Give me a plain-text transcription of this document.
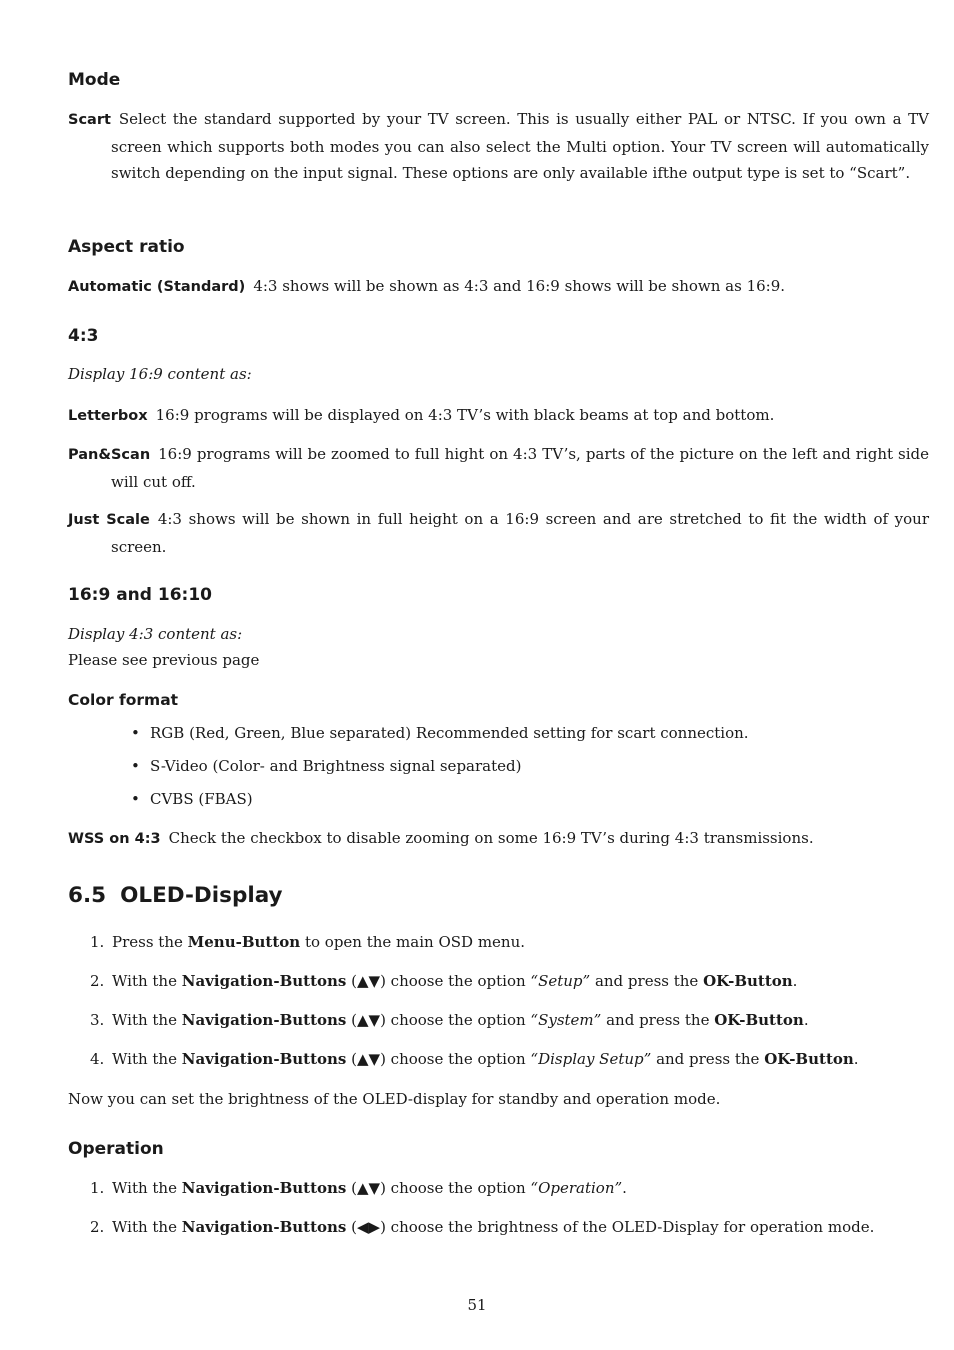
Mode
Scart Select the standard supported by your TV screen. This is usually either PAL or NTSC. If you own a TV screen which supports both modes you can also select the Multi option. Your TV screen will automatically switch depending on the input signal. These options are only available ifthe output type is set to “Scart”.
Aspect ratio
Automatic (Standard) 4:3 shows will be shown as 4:3 and 16:9 shows will be shown as 16:9.
4:3
Display 16:9 content as:
Letterbox 16:9 programs will be displayed on 4:3 TV’s with black beams at top and bottom.
Pan&Scan 16:9 programs will be zoomed to full hight on 4:3 TV’s, parts of the picture on the left and right side will cut off.
Just Scale 4:3 shows will be shown in full height on a 16:9 screen and are stretched to fit the width of your screen.
16:9 and 16:10
Display 4:3 content as:
Please see previous page
Color format
• RGB (Red, Green, Blue separated) Recommended setting for scart connection.
• S-Video (Color- and Brightness signal separated)
• CVBS (FBAS)
WSS on 4:3 Check the checkbox to disable zooming on some 16:9 TV’s during 4:3 transmissions.
6.5 OLED-Display
1. Press the Menu-Button to open the main OSD menu.
2. With the Navigation-Buttons (▲▼) choose the option “Setup” and press the OK-Button.
3. With the Navigation-Buttons (▲▼) choose the option “System” and press the OK-Button.
4. With the Navigation-Buttons (▲▼) choose the option “Display Setup” and press the OK-Button.
Now you can set the brightness of the OLED-display for standby and operation mode.
Operation
1. With the Navigation-Buttons (▲▼) choose the option “Operation”.
2. With the Navigation-Buttons (◀▶) choose the brightness of the OLED-Display for operation mode.
51
